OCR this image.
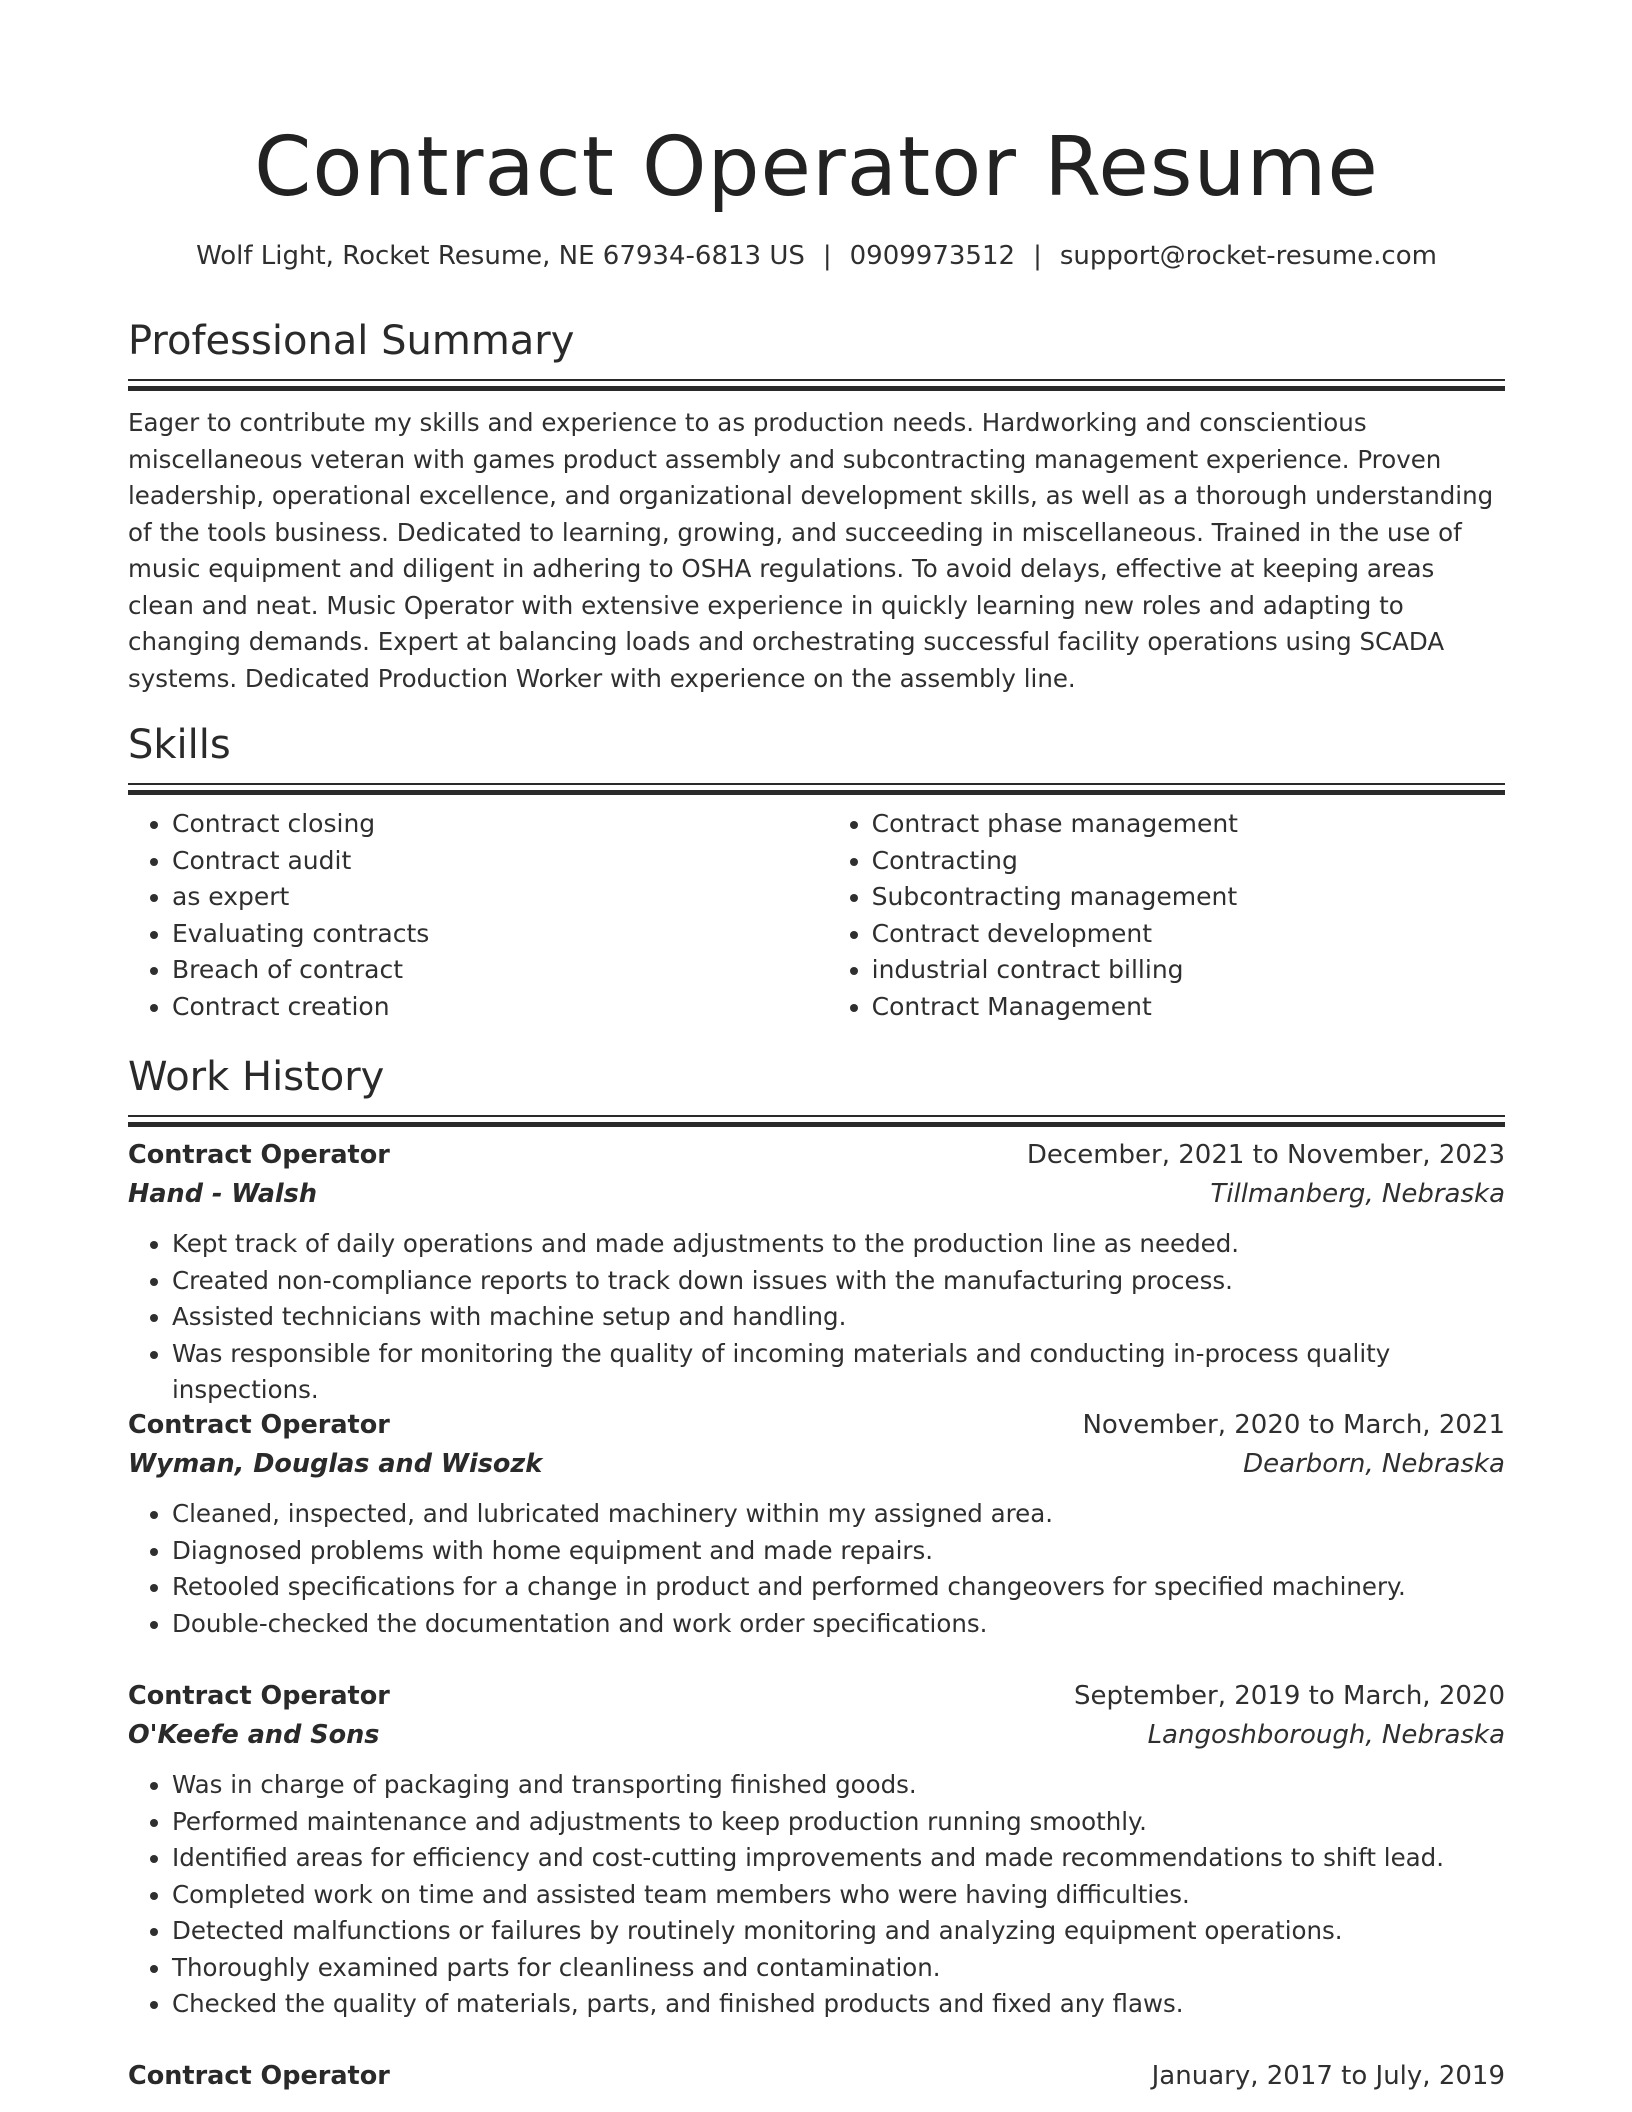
Contract Operator Resume
Wolf Light, Rocket Resume, NE 67934-6813 US | 0909973512 | support@rocket-resume.com
Professional Summary

Eager to contribute my skills and experience to as production needs. Hardworking and conscientious miscellaneous veteran with games product assembly and subcontracting management experience. Proven leadership, operational excellence, and organizational development skills, as well as a thorough understanding of the tools business. Dedicated to learning, growing, and succeeding in miscellaneous. Trained in the use of music equipment and diligent in adhering to OSHA regulations. To avoid delays, effective at keeping areas clean and neat. Music Operator with extensive experience in quickly learning new roles and adapting to changing demands. Expert at balancing loads and orchestrating successful facility operations using SCADA systems. Dedicated Production Worker with experience on the assembly line.

Skills
• Contract closing
• Contract audit
• as expert
• Evaluating contracts
• Breach of contract
• Contract creation
• Contract phase management
• Contracting
• Subcontracting management
• Contract development
• industrial contract billing
• Contract Management
Work History
Contract Operator	December, 2021 to November, 2023
Hand - Walsh	Tillmanberg, Nebraska
• Kept track of daily operations and made adjustments to the production line as needed.
• Created non-compliance reports to track down issues with the manufacturing process.
• Assisted technicians with machine setup and handling.
• Was responsible for monitoring the quality of incoming materials and conducting in-process quality inspections.
Contract Operator	November, 2020 to March, 2021
Wyman, Douglas and Wisozk	Dearborn, Nebraska
• Cleaned, inspected, and lubricated machinery within my assigned area.
• Diagnosed problems with home equipment and made repairs.
• Retooled specifications for a change in product and performed changeovers for specified machinery.
• Double-checked the documentation and work order specifications.
Contract Operator	September, 2019 to March, 2020
O'Keefe and Sons	Langoshborough, Nebraska
• Was in charge of packaging and transporting finished goods.
• Performed maintenance and adjustments to keep production running smoothly.
• Identified areas for efficiency and cost-cutting improvements and made recommendations to shift lead.
• Completed work on time and assisted team members who were having difficulties.
• Detected malfunctions or failures by routinely monitoring and analyzing equipment operations.
• Thoroughly examined parts for cleanliness and contamination.
• Checked the quality of materials, parts, and finished products and fixed any flaws.
Contract Operator	January, 2017 to July, 2019
